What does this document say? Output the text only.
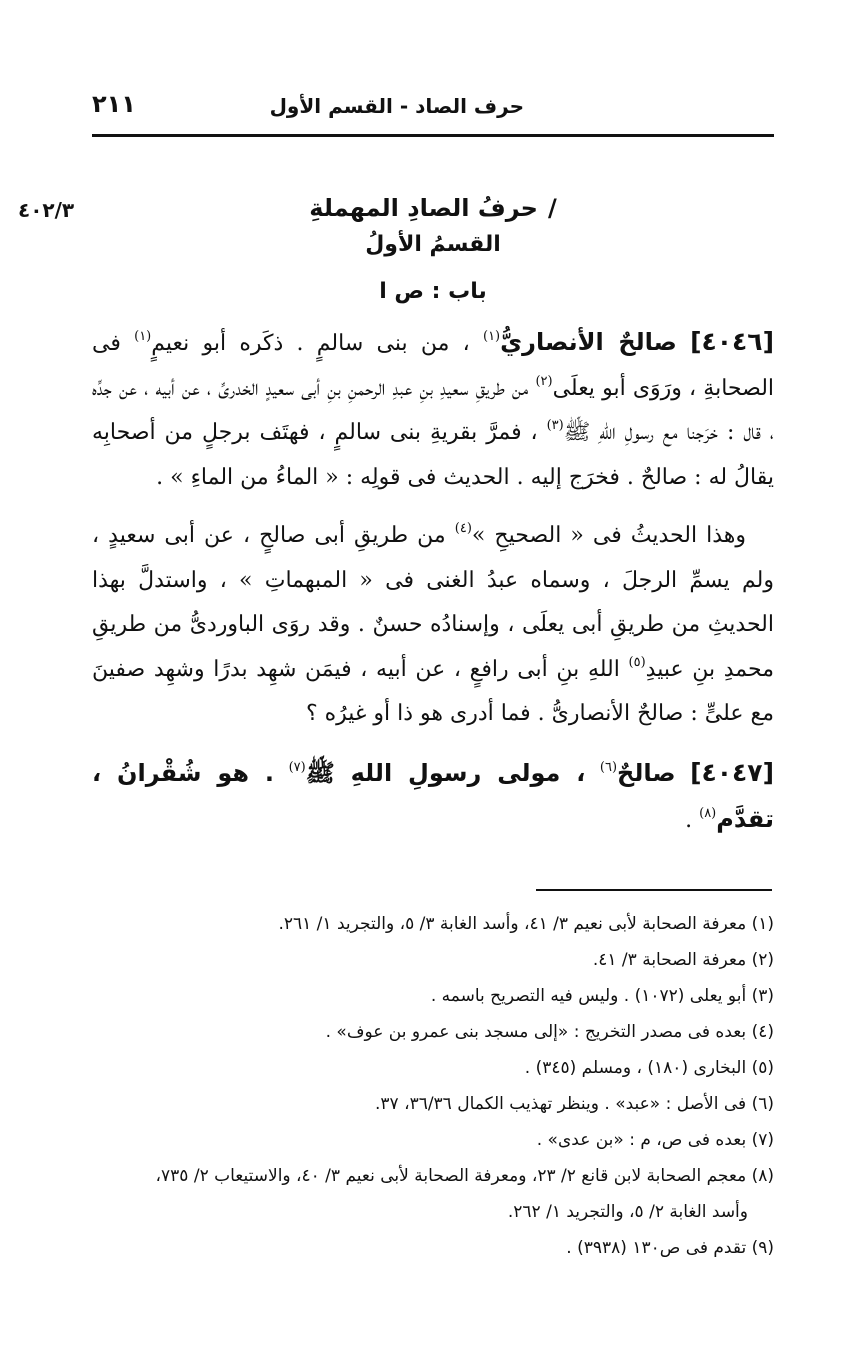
حرف الصاد - القسم الأول
٢١١
٤٠٢/٣	/حرفُ الصادِ المهملةِ
القسمُ الأولُ
باب : ص ا

[٤٠٤٦] صالحٌ الأنصاريُّ$^{(١)}$ ، من بنى سالمٍ . ذكَره أبو نعيمٍ$^{(١)}$ فى الصحابةِ ، ورَوَى أبو يعلَى$^{(٢)}$ من طريقِ سعيدِ بنِ عبدِ الرحمنِ بنِ أبى سعيدٍ الخدرىِّ ، عن أبيه ، عن جدِّه ، قال : خرَجنا مع رسولِ اللهِ ﷺ$^{(٣)}$ ، فمرَّ بقريةِ بنى سالمٍ ، فهتَف برجلٍ من أصحابِه يقالُ له : صالحٌ . فخرَج إليه . الحديث فى قولِه : « الماءُ من الماءِ » .

وهذا الحديثُ فى « الصحيحِ »$^{(٤)}$ من طريقِ أبى صالحٍ ، عن أبى سعيدٍ ، ولم يسمِّ الرجلَ ، وسماه عبدُ الغنى فى « المبهماتِ » ، واستدلَّ بهذا الحديثِ من طريقِ أبى يعلَى ، وإسنادُه حسنٌ . وقد روَى الباوردىُّ من طريقِ محمدِ بنِ عبيدِ$^{(٥)}$ اللهِ بنِ أبى رافعٍ ، عن أبيه ، فيمَن شهِد بدرًا وشهِد صفينَ مع علىٍّ : صالحٌ الأنصارىُّ . فما أدرى هو ذا أو غيرُه ؟

[٤٠٤٧] صالحٌ$^{(٦)}$ ، مولى رسولِ اللهِ ﷺ$^{(٧)}$ . هو شُقْرانُ ، تقدَّم$^{(٨)}$ .

(١) معرفة الصحابة لأبى نعيم ٣/ ٤١، وأسد الغابة ٣/ ٥، والتجريد ١/ ٢٦١.

(٢) معرفة الصحابة ٣/ ٤١.

(٣) أبو يعلى (١٠٧٢) . وليس فيه التصريح باسمه .

(٤) بعده فى مصدر التخريج : «إلى مسجد بنى عمرو بن عوف» .

(٥) البخارى (١٨٠) ، ومسلم (٣٤٥) .

(٦) فى الأصل : «عبد» . وينظر تهذيب الكمال ٣٦/٣٦، ٣٧.

(٧) بعده فى ص، م : «بن عدى» .

(٨) معجم الصحابة لابن قانع ٢/ ٢٣، ومعرفة الصحابة لأبى نعيم ٣/ ٤٠، والاستيعاب ٢/ ٧٣٥،
وأسد الغابة ٢/ ٥، والتجريد ١/ ٢٦٢.

(٩) تقدم فى ص١٣٠ (٣٩٣٨) .
